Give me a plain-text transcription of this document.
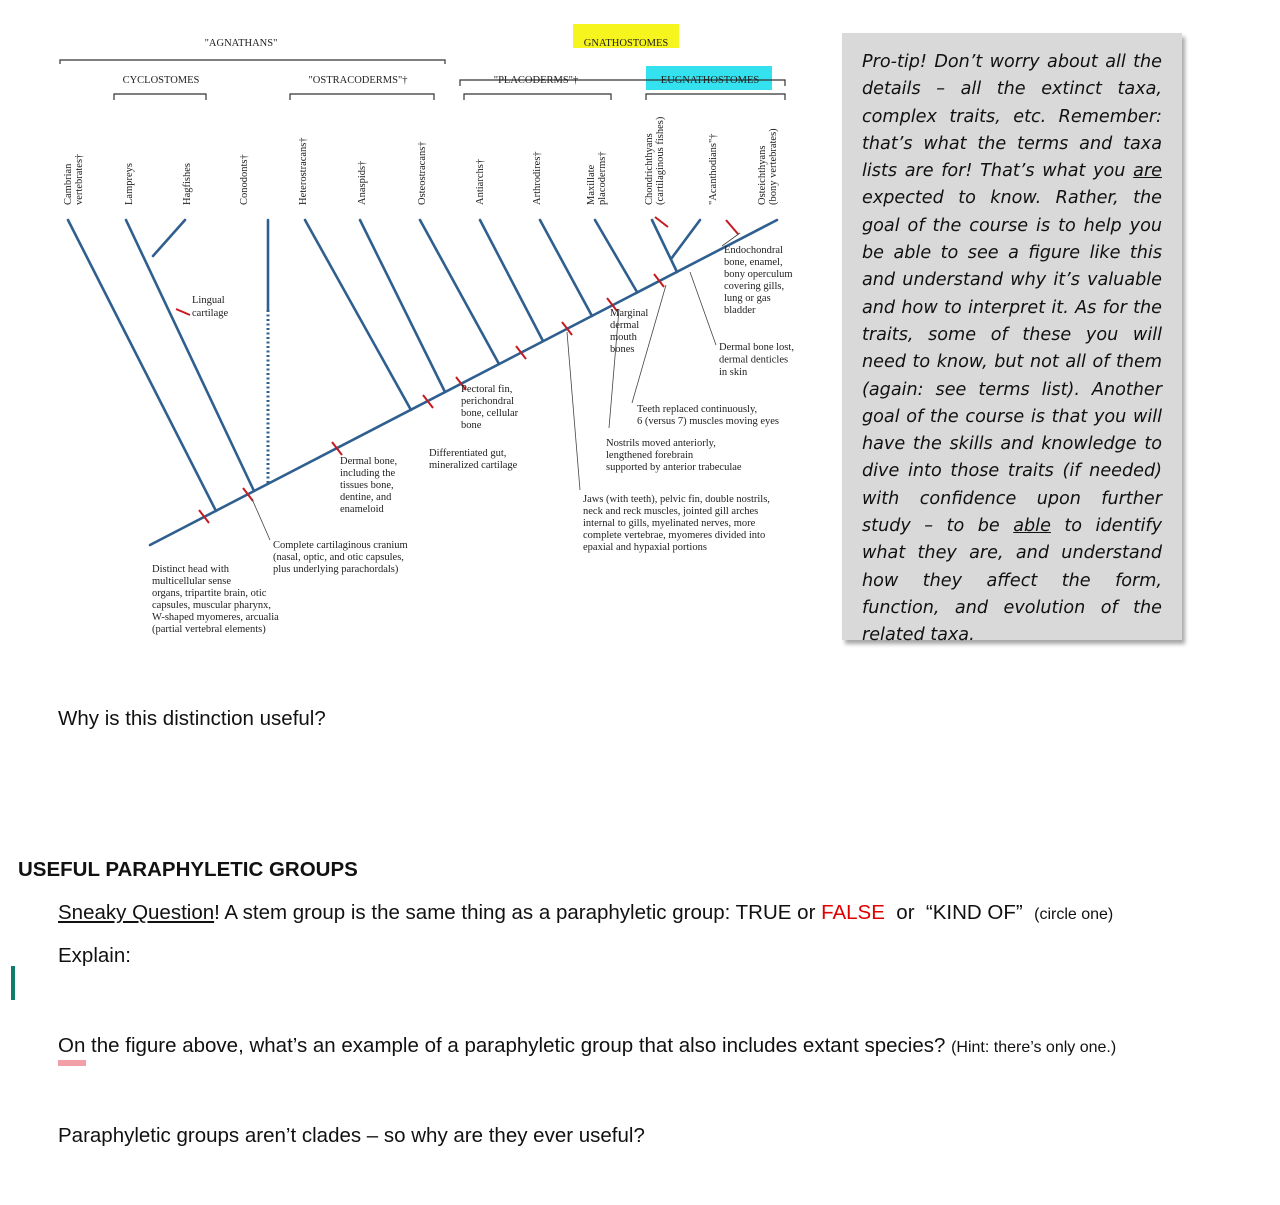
"AGNATHANS"	GNATHOSTOMES
CYCLOSTOMES	"OSTRACODERMS"†	"PLACODERMS"†	EUGNATHOSTOMES
Cambrian vertebrates†	Lampreys	Hagfishes	Conodonts†	Heterostracans†	Anaspids†	Osteostracans†	Antiarchs†	Arthrodires†	Maxillate placoderms†	Chondrichthyans (cartilaginous fishes)	"Acanthodians"†	Osteichthyans (bony vertebrates)
Lingual
cartilage
Distinct head with
multicellular sense
organs, tripartite brain, otic
capsules, muscular pharynx,
W-shaped myomeres, arcualia
(partial vertebral elements)
Complete cartilaginous cranium
(nasal, optic, and otic capsules,
plus underlying parachordals)
Dermal bone,
including the
tissues bone,
dentine, and
enameloid
Differentiated gut,
mineralized cartilage
Pectoral fin,
perichondral
bone, cellular
bone
Jaws (with teeth), pelvic fin, double nostrils,
neck and reck muscles, jointed gill arches
internal to gills, myelinated nerves, more
complete vertebrae, myomeres divided into
epaxial and hypaxial portions
Nostrils moved anteriorly,
lengthened forebrain
supported by anterior trabeculae
Teeth replaced continuously,
6 (versus 7) muscles moving eyes
Marginal
dermal
mouth
bones	Dermal bone lost,
dermal denticles
in skin
Endochondral
bone, enamel,
bony operculum
covering gills,
lung or gas
bladder
Pro-tip! Don’t worry about all the details – all the extinct taxa, complex traits, etc. Remember: that’s what the terms and taxa lists are for! That’s what you are expected to know. Rather, the goal of the course is to help you be able to see a figure like this and understand why it’s valuable and how to interpret it. As for the traits, some of these you will need to know, but not all of them (again: see terms list). Another goal of the course is that you will have the skills and knowledge to dive into those traits (if needed) with confidence upon further study – to be able to identify what they are, and understand how they affect the form, function, and evolution of the related taxa.
Why is this distinction useful?
USEFUL PARAPHYLETIC GROUPS
Sneaky Question! A stem group is the same thing as a paraphyletic group: TRUE or FALSE  or  “KIND OF”  (circle one)
Explain:
On the figure above, what’s an example of a paraphyletic group that also includes extant species? (Hint: there’s only one.)
Paraphyletic groups aren’t clades – so why are they ever useful?
